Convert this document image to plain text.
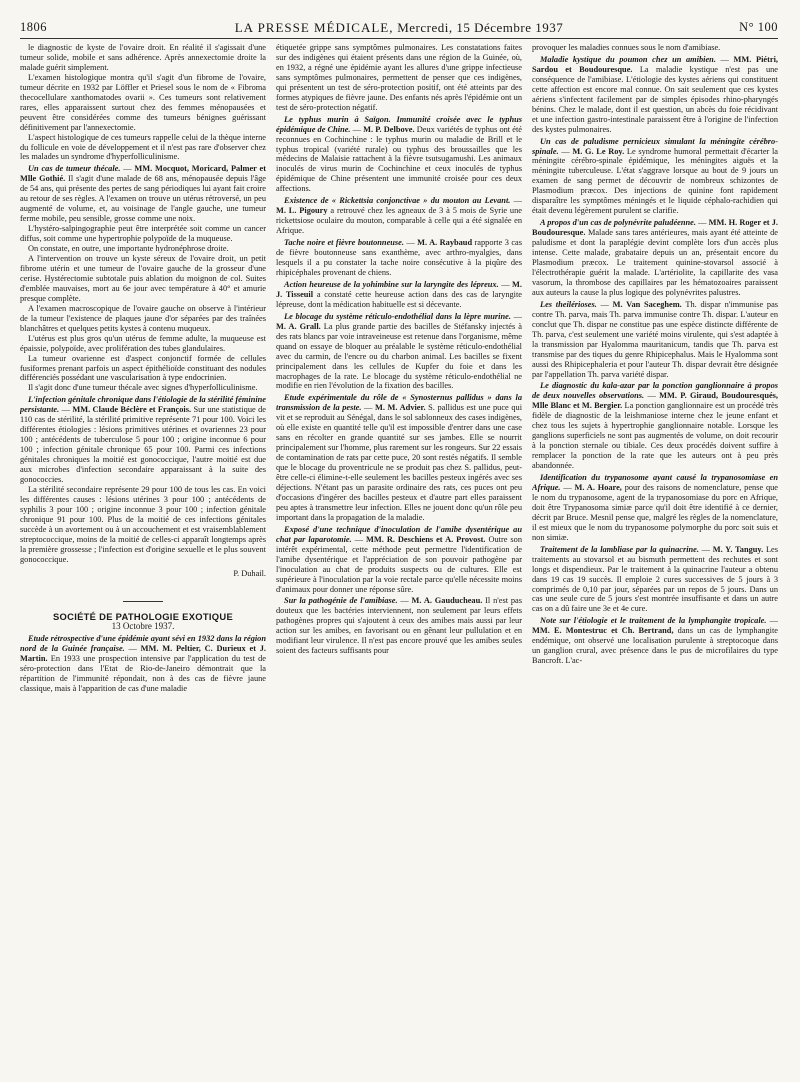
1806	LA PRESSE MÉDICALE, Mercredi, 15 Décembre 1937	N° 100

le diagnostic de kyste de l'ovaire droit. En réalité il s'agissait d'une tumeur solide, mobile et sans adhérence. Après annexectomie droite la malade guérit simplement.

L'examen histologique montra qu'il s'agit d'un fibrome de l'ovaire, tumeur décrite en 1932 par Löffler et Priesel sous le nom de « Fibroma thecocellulare xanthomatodes ovarii ». Ces tumeurs sont relativement rares, elles apparaissent surtout chez des femmes ménopausées et peuvent être considérées comme des tumeurs bénignes guérissant définitivement par l'annexectomie.

L'aspect histologique de ces tumeurs rappelle celui de la thèque interne du follicule en voie de développement et il n'est pas rare d'observer chez les malades un syndrome d'hyperfolliculinisme.

Un cas de tumeur thécale. — MM. Mocquot, Moricard, Palmer et Mlle Gothié. Il s'agit d'une malade de 68 ans, ménopausée depuis l'âge de 54 ans, qui présente des pertes de sang périodiques lui ayant fait croire au retour de ses règles. A l'examen on trouve un utérus rétroversé, un peu augmenté de volume, et, au voisinage de l'angle gauche, une tumeur ferme mobile, peu sensible, grosse comme une noix.

L'hystéro-salpingographie peut être interprétée soit comme un cancer diffus, soit comme une hypertrophie polypoïde de la muqueuse.

On constate, en outre, une importante hydronéphrose droite.

A l'intervention on trouve un kyste séreux de l'ovaire droit, un petit fibrome utérin et une tumeur de l'ovaire gauche de la grosseur d'une cerise. Hystérectomie subtotale puis ablation du moignon de col. Suites d'emblée mauvaises, mort au 6e jour avec température à 40° et amurie presque complète.

A l'examen macroscopique de l'ovaire gauche on observe à l'intérieur de la tumeur l'existence de plaques jaune d'or séparées par des traînées blanchâtres et quelques petits kystes à contenu muqueux.

L'utérus est plus gros qu'un utérus de femme adulte, la muqueuse est épaissie, polypoïde, avec prolifération des tubes glandulaires.

La tumeur ovarienne est d'aspect conjonctif formée de cellules fusiformes prenant parfois un aspect épithélioïde constituant des nodules différenciés possédant une vascularisation à type endocrinien.

Il s'agit donc d'une tumeur thécale avec signes d'hyperfolliculinisme.

L'infection génitale chronique dans l'étiologie de la stérilité féminine persistante. — MM. Claude Béclère et François. Sur une statistique de 110 cas de stérilité, la stérilité primitive représente 71 pour 100. Voici les différentes étiologies : lésions primitives utérines et ovariennes 23 pour 100 ; antécédents de tuberculose 5 pour 100 ; origine inconnue 6 pour 100 ; infection génitale chronique 65 pour 100. Parmi ces infections génitales chroniques la moitié est gonococcique, l'autre moitié est due aux microbes d'infection secondaire apparaissant à la suite des gonococcies.

La stérilité secondaire représente 29 pour 100 de tous les cas. En voici les différentes causes : lésions utérines 3 pour 100 ; antécédents de syphilis 3 pour 100 ; origine inconnue 3 pour 100 ; infection génitale chronique 91 pour 100. Plus de la moitié de ces infections génitales succède à un avortement ou à un accouchement et est vraisemblablement streptococcique, moins de la moitié de celles-ci apparaît longtemps après la première grossesse ; l'infection est d'origine sexuelle et le plus souvent gonococcique.

P. Duhail.

SOCIÉTÉ DE PATHOLOGIE EXOTIQUE
13 Octobre 1937.

Etude rétrospective d'une épidémie ayant sévi en 1932 dans la région nord de la Guinée française. — MM. M. Peltier, C. Durieux et J. Martin. En 1933 une prospection intensive par l'application du test de séro-protection dans l'Etat de Rio-de-Janeiro démontrait que la répartition de l'immunité répondait, non à des cas de fièvre jaune classique, mais à l'apparition de cas d'une maladie

étiquetée grippe sans symptômes pulmonaires. Les constatations faites sur des indigènes qui étaient présents dans une région de la Guinée, où, en 1932, a régné une épidémie ayant les allures d'une grippe infectieuse sans symptômes pulmonaires, permettent de penser que ces indigènes, qui présentent un test de séro-protection positif, ont été atteints par des formes atypiques de fièvre jaune. Des enfants nés après l'épidémie ont un test de séro-protection négatif.

Le typhus murin à Saïgon. Immunité croisée avec le typhus épidémique de Chine. — M. P. Delbove. Deux variétés de typhus ont été reconnues en Cochinchine : le typhus murin ou maladie de Brill et le typhus tropical (variété rurale) ou typhus des broussailles que les médecins de Malaisie rattachent à la fièvre tsutsugamushi. Les animaux inoculés de virus murin de Cochinchine et ceux inoculés de typhus épidémique de Chine présentent une immunité croisée pour ces deux affections.

Existence de « Rickettsia conjonctivae » du mouton au Levant. — M. L. Pigoury a retrouvé chez les agneaux de 3 à 5 mois de Syrie une rickettsiose oculaire du mouton, comparable à celle qui a été signalée en Afrique.

Tache noire et fièvre boutonneuse. — M. A. Raybaud rapporte 3 cas de fièvre boutonneuse sans exanthème, avec arthro-myalgies, dans lesquels il a pu constater la tache noire consécutive à la piqûre des rhipicéphales provenant de chiens.

Action heureuse de la yohimbine sur la laryngite des lépreux. — M. J. Tisseuil a constaté cette heureuse action dans des cas de laryngite lépreuse, dont la médication habituelle est si décevante.

Le blocage du système réticulo-endothélial dans la lèpre murine. — M. A. Grall. La plus grande partie des bacilles de Stéfansky injectés à des rats blancs par voie intraveineuse est retenue dans l'organisme, même quand on essaye de bloquer au préalable le système réticulo-endothélial avec du carmin, de l'encre ou du charbon animal. Les bacilles se fixent principalement dans les cellules de Kupfer du foie et dans les macrophages de la rate. Le blocage du système réticulo-endothélial ne modifie en rien l'évolution de la fixation des bacilles.

Etude expérimentale du rôle de « Synosternus pallidus » dans la transmission de la peste. — M. M. Advier. S. pallidus est une puce qui vit et se reproduit au Sénégal, dans le sol sablonneux des cases indigènes, où elle existe en quantité telle qu'il est impossible d'entrer dans une case sans en récolter en grande quantité sur ses jambes. Elle se nourrit principalement sur l'homme, plus rarement sur les rongeurs. Sur 22 essais de contamination de rats par cette puce, 20 sont restés négatifs. Il semble que le blocage du proventricule ne se produit pas chez S. pallidus, peut-être celle-ci élimine-t-elle seulement les bacilles pesteux ingérés avec ses déjections. N'étant pas un parasite ordinaire des rats, ces puces ont peu d'occasions d'ingérer des bacilles pesteux et d'autre part elles paraissent peu aptes à transmettre leur infection. Elles ne jouent donc qu'un rôle peu important dans la propagation de la maladie.

Exposé d'une technique d'inoculation de l'amibe dysentérique au chat par laparotomie. — MM. R. Deschiens et A. Provost. Outre son intérêt expérimental, cette méthode peut permettre l'identification de l'amibe dysentérique et l'appréciation de son pouvoir pathogène par l'inoculation au chat de produits suspects ou de cultures. Elle est supérieure à l'inoculation par la voie rectale parce qu'elle nécessite moins d'animaux pour donner une réponse sûre.

Sur la pathogénie de l'amibiase. — M. A. Gauducheau. Il n'est pas douteux que les bactéries interviennent, non seulement par leurs effets pathogènes propres qui s'ajoutent à ceux des amibes mais aussi par leur action sur les amibes, en favorisant ou en gênant leur pullulation et en modifiant leur virulence. Il n'est pas encore prouvé que les amibes seules soient des facteurs suffisants pour

provoquer les maladies connues sous le nom d'amibiase.

Maladie kystique du poumon chez un amibien. — MM. Piétri, Sardou et Boudouresque. La maladie kystique n'est pas une conséquence de l'amibiase. L'étiologie des kystes aériens qui constituent cette affection est encore mal connue. On sait seulement que ces kystes aériens s'infectent facilement par de simples épisodes rhino-pharyngés bénins. Chez le malade, dont il est question, un abcès du foie récidivant et une infection gastro-intestinale paraissent être à l'origine de l'infection des kystes pulmonaires.

Un cas de paludisme pernicieux simulant la méningite cérébro-spinale. — M. G. Le Roy. Le syndrome humoral permettait d'écarter la méningite cérébro-spinale épidémique, les méningites aiguës et la méningite tuberculeuse. L'état s'aggrave lorsque au bout de 9 jours un examen de sang permet de découvrir de nombreux schizontes de Plasmodium præcox. Des injections de quinine font rapidement disparaître les symptômes méningés et le liquide céphalo-rachidien qui était devenu légèrement purulent se clarifie.

A propos d'un cas de polynévrite paludéenne. — MM. H. Roger et J. Boudouresque. Malade sans tares antérieures, mais ayant été atteinte de paludisme et dont la paraplégie devint complète lors d'un accès plus intense. Cette malade, grabataire depuis un an, présentait encore du Plasmodium præcox. Le traitement quinine-stovarsol associé à l'électrothérapie guérit la malade. L'artériolite, la capillarite des vasa vasorum, la thrombose des capillaires par les hématozoaires paraissent aux auteurs la cause la plus logique des polynévrites palustres.

Les theilérioses. — M. Van Saceghem. Th. dispar n'immunise pas contre Th. parva, mais Th. parva immunise contre Th. dispar. L'auteur en conclut que Th. dispar ne constitue pas une espèce distincte différente de Th. parva, c'est seulement une variété moins virulente, qui s'est adaptée à la transmission par Hyalomma mauritanicum, tandis que Th. parva est transmise par des tiques du genre Rhipicephalus. Mais le Hyalomma sont aussi des Rhipicephaleria et pour l'auteur Th. dispar devrait être désignée par l'appellation Th. parva variété dispar.

Le diagnostic du kala-azar par la ponction ganglionnaire à propos de deux nouvelles observations. — MM. P. Giraud, Boudouresqués, Mlle Blanc et M. Bergier. La ponction ganglionnaire est un procédé très fidèle de diagnostic de la leishmaniose interne chez le jeune enfant et chez tous les sujets à hypertrophie ganglionnaire notable. Lorsque les ganglions superficiels ne sont pas augmentés de volume, on doit recourir à la ponction sternale ou tibiale. Ces deux procédés doivent suffire à remplacer la ponction de la rate que les auteurs ont à peu près abandonnée.

Identification du trypanosome ayant causé la trypanosomiase en Afrique. — M. A. Hoare, pour des raisons de nomenclature, pense que le nom du trypanosome, agent de la trypanosomiase du porc en Afrique, doit être Trypanosoma simiæ parce qu'il doit être identifié à ce dernier, décrit par Bruce. Mesnil pense que, malgré les règles de la nomenclature, il est mieux que le nom du trypanosome polymorphe du porc soit suis et non simiæ.

Traitement de la lambliase par la quinacrine. — M. Y. Tanguy. Les traitements au stovarsol et au bismuth permettent des rechutes et sont longs et dispendieux. Par le traitement à la quinacrine l'auteur a obtenu dans 19 cas 19 succès. Il emploie 2 cures successives de 5 jours à 3 comprimés de 0,10 par jour, séparées par un repos de 5 jours. Dans un cas une seule cure de 5 jours s'est montrée insuffisante et dans un autre cas on a dû faire une 3e et 4e cure.

Note sur l'étiologie et le traitement de la lymphangite tropicale. — MM. E. Montestruc et Ch. Bertrand, dans un cas de lymphangite endémique, ont observé une localisation purulente à streptocoque dans un ganglion crural, avec présence dans le pus de microfilaires du type Bancroft. L'ac-
